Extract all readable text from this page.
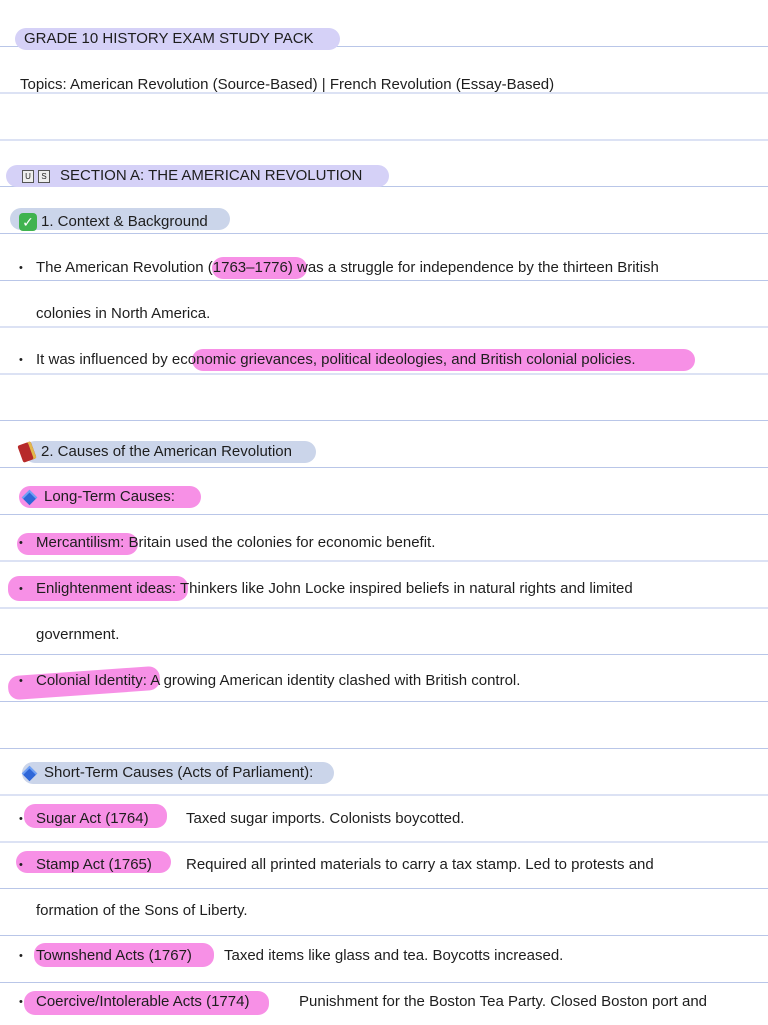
GRADE 10 HISTORY EXAM STUDY PACK
Topics: American Revolution (Source-Based) | French Revolution (Essay-Based)
U S SECTION A: THE AMERICAN REVOLUTION
✓ 1. Context & Background
• The American Revolution (1763–1776) was a struggle for independence by the thirteen British
colonies in North America.
• It was influenced by economic grievances, political ideologies, and British colonial policies.
2. Causes of the American Revolution
Long-Term Causes:
• Mercantilism: Britain used the colonies for economic benefit.
• Enlightenment ideas: Thinkers like John Locke inspired beliefs in natural rights and limited
government.
• Colonial Identity: A growing American identity clashed with British control.
Short-Term Causes (Acts of Parliament):
• Sugar Act (1764) Taxed sugar imports. Colonists boycotted.
• Stamp Act (1765) Required all printed materials to carry a tax stamp. Led to protests and
formation of the Sons of Liberty.
• Townshend Acts (1767) Taxed items like glass and tea. Boycotts increased.
• Coercive/Intolerable Acts (1774)	Punishment for the Boston Tea Party. Closed Boston port and
